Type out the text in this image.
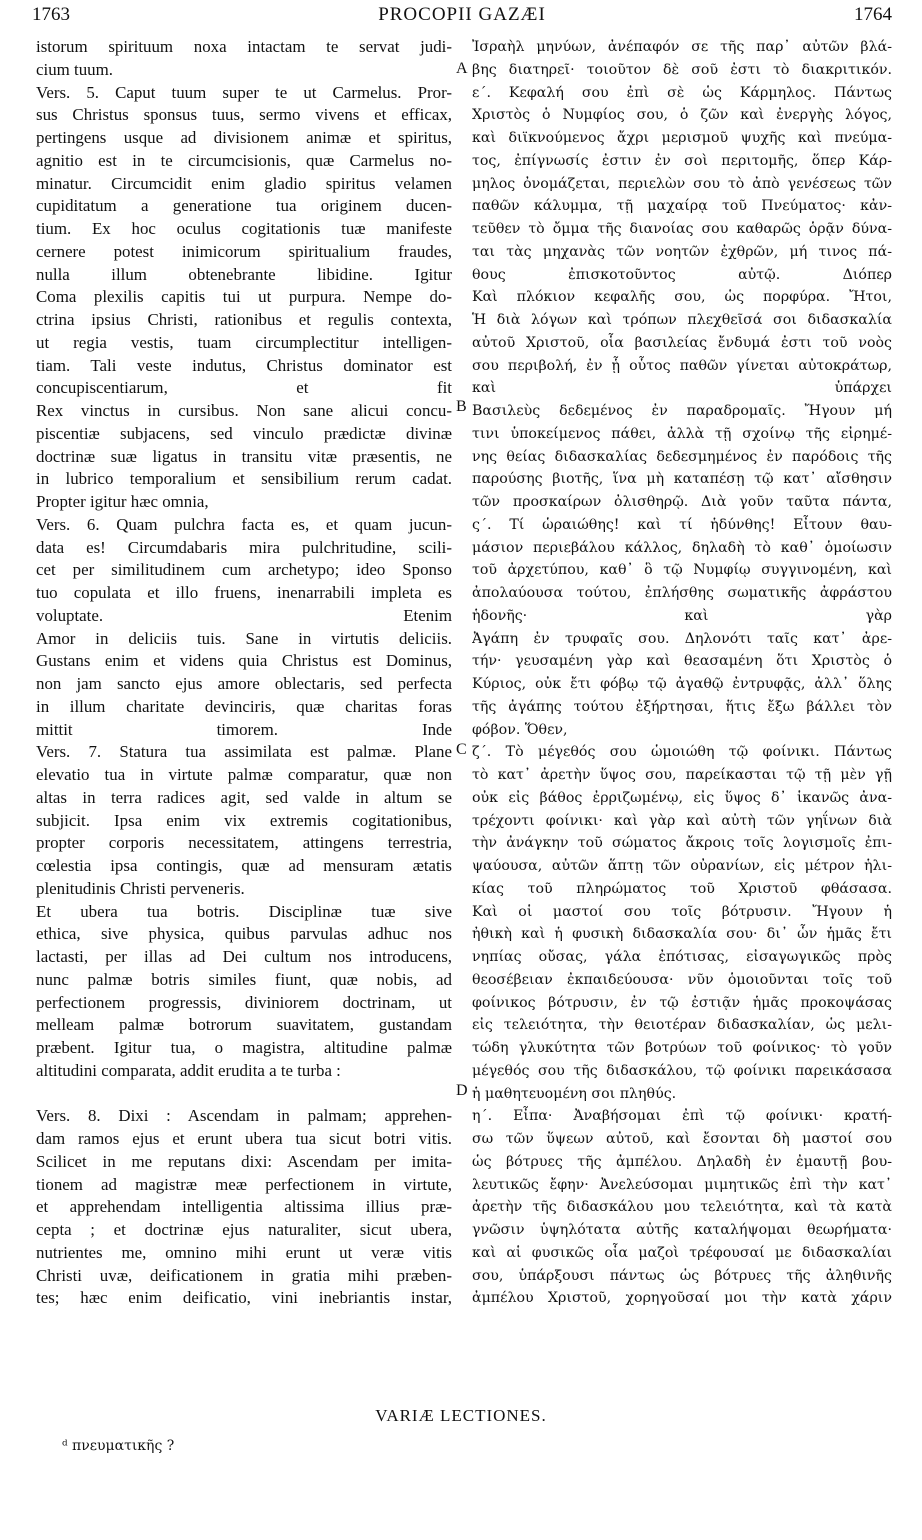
1763	PROCOPII GAZÆI	1764
istorum spirituum noxa intactam te servat judi-
cium tuum.
Vers. 5. Caput tuum super te ut Carmelus. Pror-
sus Christus sponsus tuus, sermo vivens et efficax,
pertingens usque ad divisionem animæ et spiritus,
agnitio est in te circumcisionis, quæ Carmelus no-
minatur. Circumcidit enim gladio spiritus velamen
cupiditatum a generatione tua originem ducen-
tium. Ex hoc oculus cogitationis tuæ manifeste
cernere potest inimicorum spiritualium fraudes,
nulla illum obtenebrante libidine. Igitur
Coma plexilis capitis tui ut purpura. Nempe do-
ctrina ipsius Christi, rationibus et regulis contexta,
ut regia vestis, tuam circumplectitur intelligen-
tiam. Tali veste indutus, Christus dominator est
concupiscentiarum, et fit
Rex vinctus in cursibus. Non sane alicui concu-
piscentiæ subjacens, sed vinculo prædictæ divinæ
doctrinæ suæ ligatus in transitu vitæ præsentis, ne
in lubrico temporalium et sensibilium rerum cadat.
Propter igitur hæc omnia,
Vers. 6. Quam pulchra facta es, et quam jucun-
data es! Circumdabaris mira pulchritudine, scili-
cet per similitudinem cum archetypo; ideo Sponso
tuo copulata et illo fruens, inenarrabili impleta es
voluptate. Etenim
Amor in deliciis tuis. Sane in virtutis deliciis.
Gustans enim et videns quia Christus est Dominus,
non jam sancto ejus amore oblectaris, sed perfecta
in illum charitate devinciris, quæ charitas foras
mittit timorem. Inde
Vers. 7. Statura tua assimilata est palmæ. Plane
elevatio tua in virtute palmæ comparatur, quæ non
altas in terra radices agit, sed valde in altum se
subjicit. Ipsa enim vix extremis cogitationibus,
propter corporis necessitatem, attingens terrestria,
cœlestia ipsa contingis, quæ ad mensuram ætatis
plenitudinis Christi perveneris.
Et ubera tua botris. Disciplinæ tuæ sive
ethica, sive physica, quibus parvulas adhuc nos
lactasti, per illas ad Dei cultum nos introducens,
nunc palmæ botris similes fiunt, quæ nobis, ad
perfectionem progressis, diviniorem doctrinam, ut
melleam palmæ botrorum suavitatem, gustandam
præbent. Igitur tua, o magistra, altitudine palmæ
altitudini comparata, addit erudita a te turba :
Vers. 8. Dixi : Ascendam in palmam; apprehen-
dam ramos ejus et erunt ubera tua sicut botri vitis.
Scilicet in me reputans dixi: Ascendam per imita-
tionem ad magistræ meæ perfectionem in virtute,
et apprehendam intelligentia altissima illius præ-
cepta ; et doctrinæ ejus naturaliter, sicut ubera,
nutrientes me, omnino mihi erunt ut veræ vitis
Christi uvæ, deificationem in gratia mihi præben-
tes; hæc enim deificatio, vini inebriantis instar,
Ἰσραὴλ μηνύων, ἀνέπαφόν σε τῆς παρ᾽ αὐτῶν βλά-
βης διατηρεῖ· τοιοῦτον δὲ σοῦ ἐστι τὸ διακριτικόν.
ε΄. Κεφαλή σου ἐπὶ σὲ ὡς Κάρμηλος. Πάντως
Χριστὸς ὁ Νυμφίος σου, ὁ ζῶν καὶ ἐνεργὴς λόγος,
καὶ διϊκνούμενος ἄχρι μερισμοῦ ψυχῆς καὶ πνεύμα-
τος, ἐπίγνωσίς ἐστιν ἐν σοὶ περιτομῆς, ὅπερ Κάρ-
μηλος ὀνομάζεται, περιελὼν σου τὸ ἀπὸ γενέσεως τῶν
παθῶν κάλυμμα, τῇ μαχαίρᾳ τοῦ Πνεύματος· κἀν-
τεῦθεν τὸ ὄμμα τῆς διανοίας σου καθαρῶς ὁρᾷν δύνα-
ται τὰς μηχανὰς τῶν νοητῶν ἐχθρῶν, μή τινος πά-
θους ἐπισκοτοῦντος αὐτῷ. Διόπερ
Καὶ πλόκιον κεφαλῆς σου, ὡς πορφύρα. Ἤτοι,
Ἡ διὰ λόγων καὶ τρόπων πλεχθεῖσά σοι διδασκαλία
αὐτοῦ Χριστοῦ, οἷα βασιλείας ἔνδυμά ἐστι τοῦ νοὸς
σου περιβολή, ἐν ᾗ οὗτος παθῶν γίνεται αὐτοκράτωρ,
καὶ ὑπάρχει
Βασιλεὺς δεδεμένος ἐν παραδρομαῖς. Ἤγουν μή
τινι ὑποκείμενος πάθει, ἀλλὰ τῇ σχοίνῳ τῆς εἰρημέ-
νης θείας διδασκαλίας δεδεσμημένος ἐν παρόδοις τῆς
παρούσης βιοτῆς, ἵνα μὴ καταπέσῃ τῷ κατ᾽ αἴσθησιν
τῶν προσκαίρων ὀλισθηρῷ. Διὰ γοῦν ταῦτα πάντα,
ς΄. Τί ὡραιώθης! καὶ τί ἡδύνθης! Εἶτουν θαυ-
μάσιον περιεβάλου κάλλος, δηλαδὴ τὸ καθ᾽ ὁμοίωσιν
τοῦ ἀρχετύπου, καθ᾽ ὃ τῷ Νυμφίῳ συγγινομένη, καὶ
ἀπολαύουσα τούτου, ἐπλήσθης σωματικῆς ἀφράστου
ἡδονῆς· καὶ γὰρ
Ἀγάπη ἐν τρυφαῖς σου. Δηλονότι ταῖς κατ᾽ ἀρε-
τήν· γευσαμένη γὰρ καὶ θεασαμένη ὅτι Χριστὸς ὁ
Κύριος, οὐκ ἔτι φόβῳ τῷ ἀγαθῷ ἐντρυφᾷς, ἀλλ᾽ ὅλης
τῆς ἀγάπης τούτου ἐξήρτησαι, ἥτις ἔξω βάλλει τὸν
φόβον. Ὅθεν,
ζ΄. Τὸ μέγεθός σου ὡμοιώθη τῷ φοίνικι. Πάντως
τὸ κατ᾽ ἀρετὴν ὕψος σου, παρείκασται τῷ τῇ μὲν γῇ
οὐκ εἰς βάθος ἐρριζωμένῳ, εἰς ὕψος δ᾽ ἱκανῶς ἀνα-
τρέχοντι φοίνικι· καὶ γὰρ καὶ αὐτὴ τῶν γηΐνων διὰ
τὴν ἀνάγκην τοῦ σώματος ἄκροις τοῖς λογισμοῖς ἐπι-
ψαύουσα, αὐτῶν ἅπτῃ τῶν οὐρανίων, εἰς μέτρον ἡλι-
κίας τοῦ πληρώματος τοῦ Χριστοῦ φθάσασα.
Καὶ οἱ μαστοί σου τοῖς βότρυσιν. Ἤγουν ἡ
ἠθικὴ καὶ ἡ φυσικὴ διδασκαλία σου· δι᾽ ὧν ἡμᾶς ἔτι
νηπίας οὔσας, γάλα ἐπότισας, εἰσαγωγικῶς πρὸς
θεοσέβειαν ἐκπαιδεύουσα· νῦν ὁμοιοῦνται τοῖς τοῦ
φοίνικος βότρυσιν, ἐν τῷ ἐστιᾷν ἡμᾶς προκοψάσας
εἰς τελειότητα, τὴν θειοτέραν διδασκαλίαν, ὡς μελι-
τώδη γλυκύτητα τῶν βοτρύων τοῦ φοίνικος· τὸ γοῦν
μέγεθός σου τῆς διδασκάλου, τῷ φοίνικι παρεικάσασα
ἡ μαθητευομένη σοι πληθύς.
η΄. Εἶπα· Ἀναβήσομαι ἐπὶ τῷ φοίνικι· κρατή-
σω τῶν ὕψεων αὐτοῦ, καὶ ἔσονται δὴ μαστοί σου
ὡς βότρυες τῆς ἀμπέλου. Δηλαδὴ ἐν ἐμαυτῇ βου-
λευτικῶς ἔφην· Ἀνελεύσομαι μιμητικῶς ἐπὶ τὴν κατ᾽
ἀρετὴν τῆς διδασκάλου μου τελειότητα, καὶ τὰ κατὰ
γνῶσιν ὑψηλότατα αὐτῆς καταλήψομαι θεωρήματα·
καὶ αἱ φυσικῶς οἷα μαζοὶ τρέφουσαί με διδασκαλίαι
σου, ὑπάρξουσι πάντως ὡς βότρυες τῆς ἀληθινῆς
ἀμπέλου Χριστοῦ, χορηγοῦσαί μοι τὴν κατὰ χάριν
A
B
C
D
VARIÆ LECTIONES.
ᵈ πνευματικῆς ?
